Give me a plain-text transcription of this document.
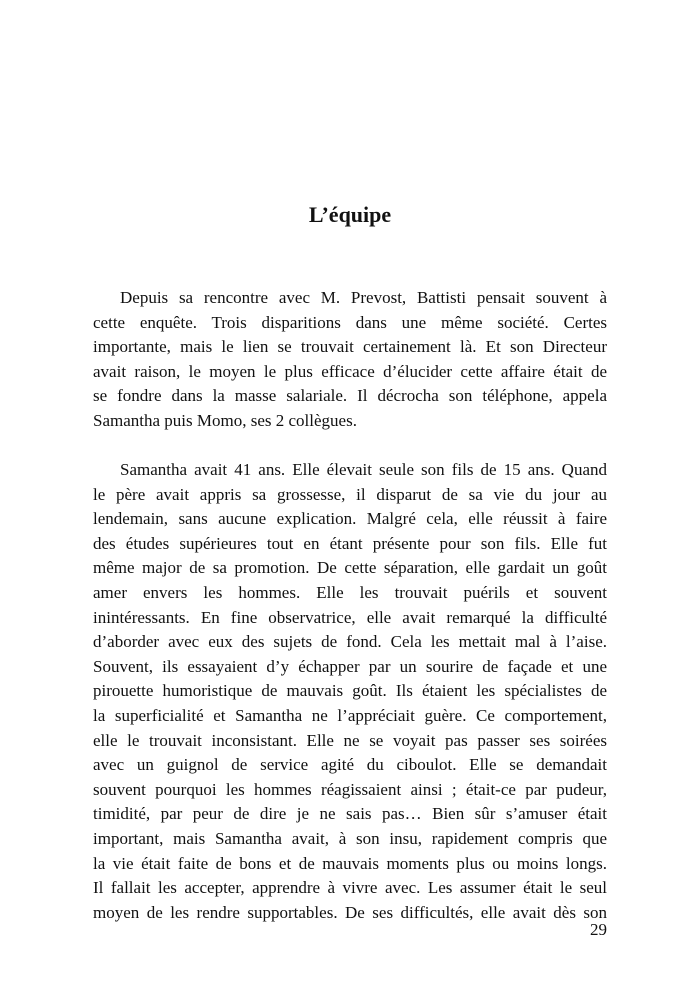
L’équipe
Depuis sa rencontre avec M. Prevost, Battisti pensait souvent à
cette enquête. Trois disparitions dans une même société. Certes
importante, mais le lien se trouvait certainement là. Et son Directeur
avait raison, le moyen le plus efficace d’élucider cette affaire était de
se fondre dans la masse salariale. Il décrocha son téléphone, appela
Samantha puis Momo, ses 2 collègues.
Samantha avait 41 ans. Elle élevait seule son fils de 15 ans. Quand
le père avait appris sa grossesse, il disparut de sa vie du jour au
lendemain, sans aucune explication. Malgré cela, elle réussit à faire
des études supérieures tout en étant présente pour son fils. Elle fut
même major de sa promotion. De cette séparation, elle gardait un goût
amer envers les hommes. Elle les trouvait puérils et souvent
inintéressants. En fine observatrice, elle avait remarqué la difficulté
d’aborder avec eux des sujets de fond. Cela les mettait mal à l’aise.
Souvent, ils essayaient d’y échapper par un sourire de façade et une
pirouette humoristique de mauvais goût. Ils étaient les spécialistes de
la superficialité et Samantha ne l’appréciait guère. Ce comportement,
elle le trouvait inconsistant. Elle ne se voyait pas passer ses soirées
avec un guignol de service agité du ciboulot. Elle se demandait
souvent pourquoi les hommes réagissaient ainsi ; était-ce par pudeur,
timidité, par peur de dire je ne sais pas… Bien sûr s’amuser était
important, mais Samantha avait, à son insu, rapidement compris que
la vie était faite de bons et de mauvais moments plus ou moins longs.
Il fallait les accepter, apprendre à vivre avec. Les assumer était le seul
moyen de les rendre supportables. De ses difficultés, elle avait dès son
29
